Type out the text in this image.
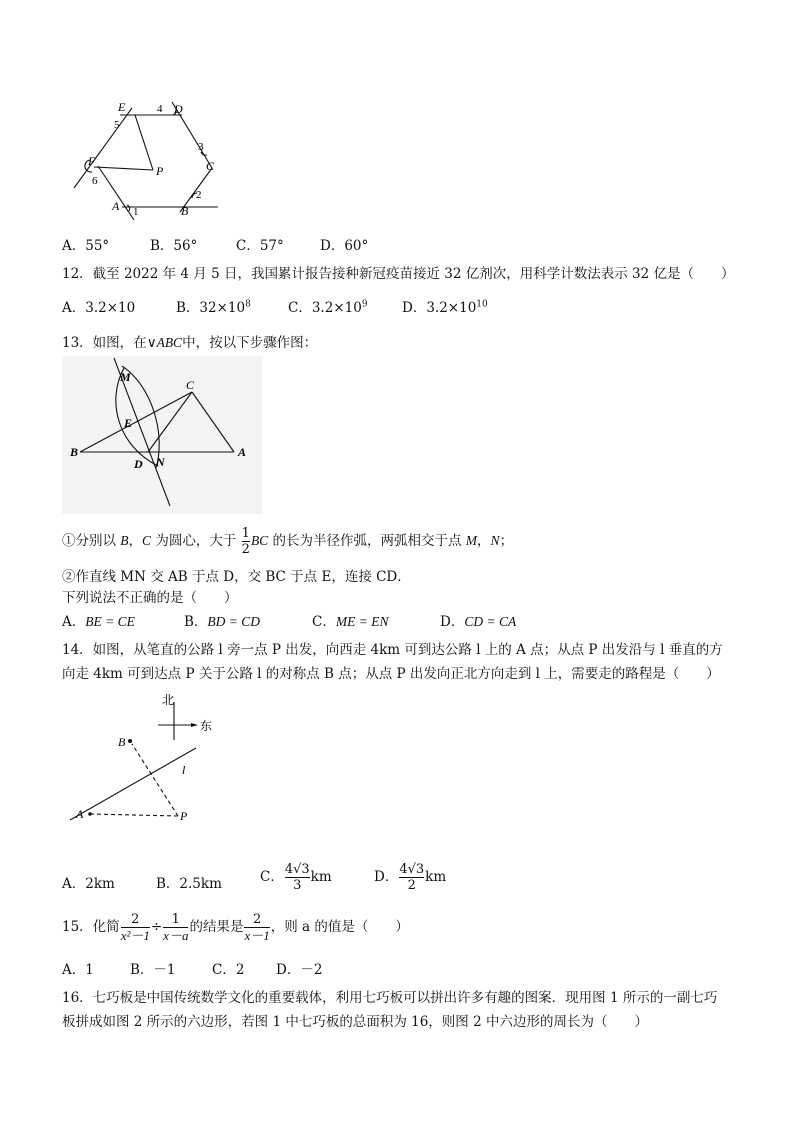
E	4 D
5
3
C
F
P
6
2
A 1	B
A．55°	B．56°	C．57°	D．60°
12．截至 2022 年 4 月 5 日，我国累计报告接种新冠疫苗接近 32 亿剂次，用科学计数法表示 32 亿是（　　）
A．3.2×10	B．$32\times 10^8$	C．$3.2\times 10^9$	D．$3.2\times 10^{10}$
13．如图，在∨ABC中，按以下步骤作图：
M
C
E
B	A
D N
①分别以 B，C 为圆心，大于 $\frac{1}{2}$ BC 的长为半径作弧，两弧相交于点 M，N；
②作直线 MN 交 AB 于点 D，交 BC 于点 E，连接 CD．
下列说法不正确的是（　　）
A．BE = CE	B．BD = CD	C．ME = EN	D．CD = CA
14．如图，从笔直的公路 l 旁一点 P 出发，向西走 4km 可到达公路 l 上的 A 点；从点 P 出发沿与 l 垂直的方
向走 4km 可到达点 P 关于公路 l 的对称点 B 点；从点 P 出发向正北方向走到 l 上，需要走的路程是（　　）
北
东
B
l
A	P
A．2km	B．2.5km	C． $\frac{4√3}{3}$ km	D． $\frac{4√3}{2}$ km
15．化简 $\frac{2}{\text{x²－1}} \div \frac{1}{x-a}$ 的结果是 $\frac{2}{x-1}$ ，则 a 的值是（　　）
A．1	B．－1	C．2 D．－2
16．七巧板是中国传统数学文化的重要载体，利用七巧板可以拼出许多有趣的图案．现用图 1 所示的一副七巧
板拼成如图 2 所示的六边形，若图 1 中七巧板的总面积为 16，则图 2 中六边形的周长为（　　）
